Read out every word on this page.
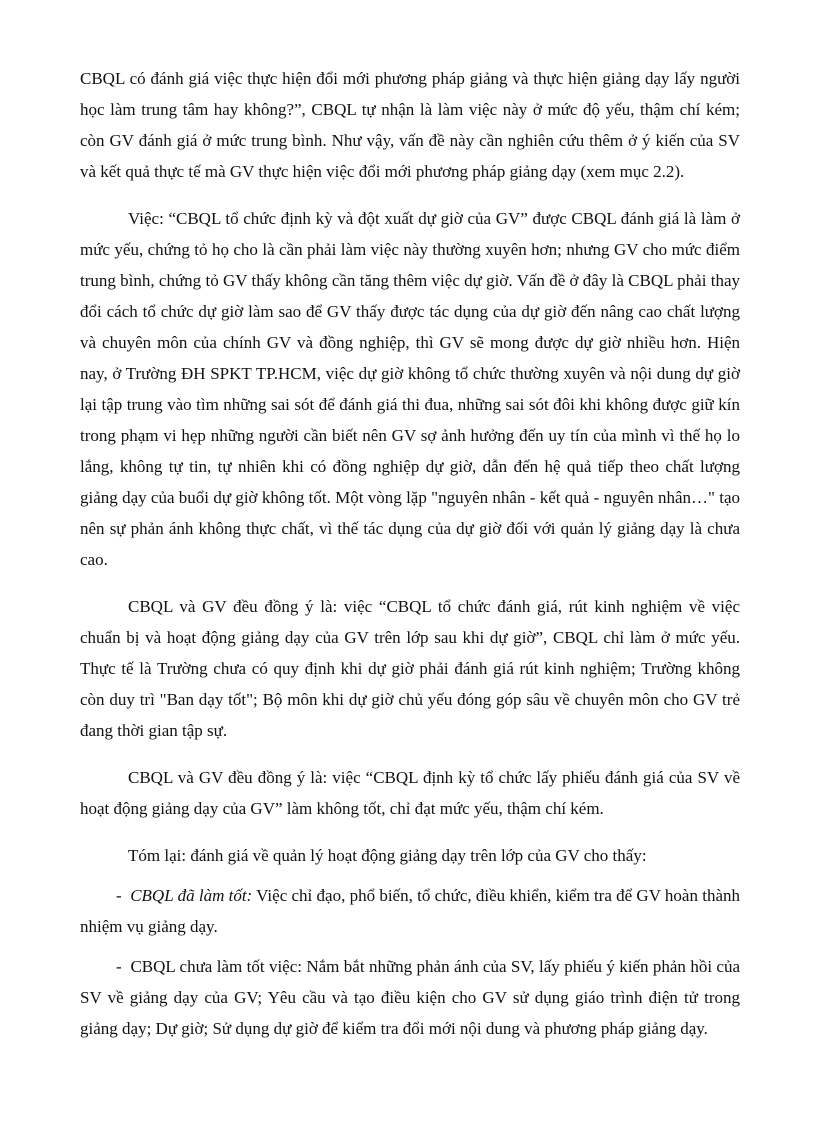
CBQL có đánh giá việc thực hiện đổi mới phương pháp giảng và thực hiện giảng dạy lấy người học làm trung tâm hay không?”, CBQL tự nhận là làm việc này ở mức độ yếu, thậm chí kém; còn GV đánh giá ở mức trung bình. Như vậy, vấn đề này cần nghiên cứu thêm ở ý kiến của SV và kết quả thực tế mà GV thực hiện việc đổi mới phương pháp giảng dạy (xem mục 2.2).

Việc: “CBQL tổ chức định kỳ và đột xuất dự giờ của GV” được CBQL đánh giá là làm ở mức yếu, chứng tỏ họ cho là cần phải làm việc này thường xuyên hơn; nhưng GV cho mức điểm trung bình, chứng tỏ GV thấy không cần tăng thêm việc dự giờ. Vấn đề ở đây là CBQL phải thay đổi cách tổ chức dự giờ làm sao để GV thấy được tác dụng của dự giờ đến nâng cao chất lượng và chuyên môn của chính GV và đồng nghiệp, thì GV sẽ mong được dự giờ nhiều hơn. Hiện nay, ở Trường ĐH SPKT TP.HCM, việc dự giờ không tổ chức thường xuyên và nội dung dự giờ lại tập trung vào tìm những sai sót để đánh giá thi đua, những sai sót đôi khi không được giữ kín trong phạm vi hẹp những người cần biết nên GV sợ ảnh hưởng đến uy tín của mình vì thế họ lo lắng, không tự tin, tự nhiên khi có đồng nghiệp dự giờ, dẫn đến hệ quả tiếp theo chất lượng giảng dạy của buổi dự giờ không tốt. Một vòng lặp "nguyên nhân - kết quả - nguyên nhân…" tạo nên sự phản ánh không thực chất, vì thế tác dụng của dự giờ đối với quản lý giảng dạy là chưa cao.

CBQL và GV đều đồng ý là: việc “CBQL tổ chức đánh giá, rút kinh nghiệm về việc chuẩn bị và hoạt động giảng dạy của GV trên lớp sau khi dự giờ”, CBQL chỉ làm ở mức yếu. Thực tế là Trường chưa có quy định khi dự giờ phải đánh giá rút kinh nghiệm; Trường không còn duy trì "Ban dạy tốt"; Bộ môn khi dự giờ chủ yếu đóng góp sâu về chuyên môn cho GV trẻ đang thời gian tập sự.

CBQL và GV đều đồng ý là: việc “CBQL định kỳ tổ chức lấy phiếu đánh giá của SV về hoạt động giảng dạy của GV” làm không tốt, chỉ đạt mức yếu, thậm chí kém.

Tóm lại: đánh giá về quản lý hoạt động giảng dạy trên lớp của GV cho thấy:

- CBQL đã làm tốt: Việc chỉ đạo, phổ biến, tổ chức, điều khiển, kiểm tra để GV hoàn thành nhiệm vụ giảng dạy.

- CBQL chưa làm tốt việc: Nắm bắt những phản ánh của SV, lấy phiếu ý kiến phản hồi của SV về giảng dạy của GV; Yêu cầu và tạo điều kiện cho GV sử dụng giáo trình điện tử trong giảng dạy; Dự giờ; Sử dụng dự giờ để kiểm tra đổi mới nội dung và phương pháp giảng dạy.
